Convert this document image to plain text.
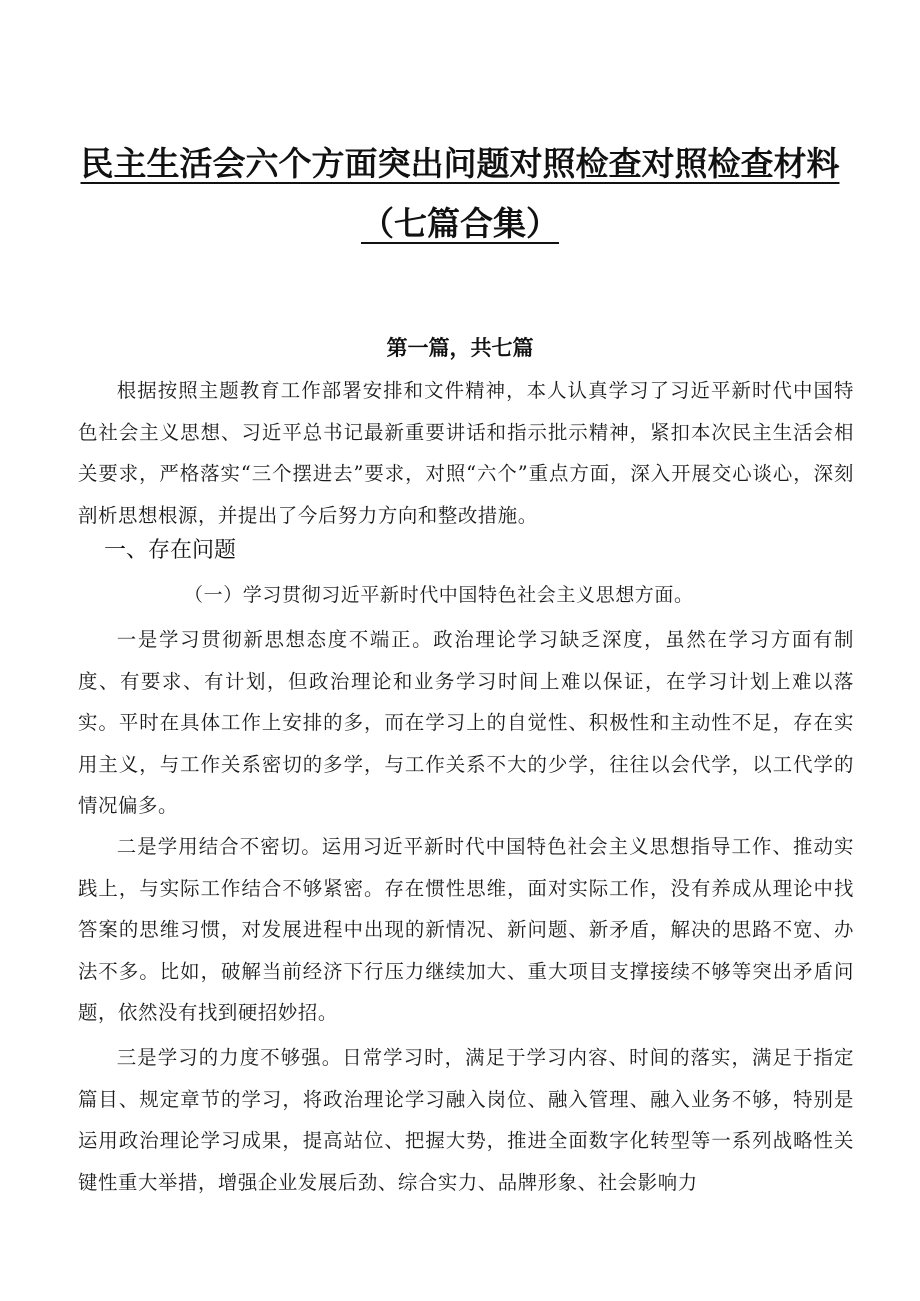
民主生活会六个方面突出问题对照检查对照检查材料
（七篇合集）
第一篇，共七篇

根据按照主题教育工作部署安排和文件精神，本人认真学习了习近平新时代中国特色社会主义思想、习近平总书记最新重要讲话和指示批示精神，紧扣本次民主生活会相关要求，严格落实“三个摆进去”要求，对照“六个”重点方面，深入开展交心谈心，深刻剖析思想根源，并提出了今后努力方向和整改措施。

一、存在问题
（一）学习贯彻习近平新时代中国特色社会主义思想方面。

一是学习贯彻新思想态度不端正。政治理论学习缺乏深度，虽然在学习方面有制度、有要求、有计划，但政治理论和业务学习时间上难以保证，在学习计划上难以落实。平时在具体工作上安排的多，而在学习上的自觉性、积极性和主动性不足，存在实用主义，与工作关系密切的多学，与工作关系不大的少学，往往以会代学，以工代学的情况偏多。

二是学用结合不密切。运用习近平新时代中国特色社会主义思想指导工作、推动实践上，与实际工作结合不够紧密。存在惯性思维，面对实际工作，没有养成从理论中找答案的思维习惯，对发展进程中出现的新情况、新问题、新矛盾，解决的思路不宽、办法不多。比如，破解当前经济下行压力继续加大、重大项目支撑接续不够等突出矛盾问题，依然没有找到硬招妙招。

三是学习的力度不够强。日常学习时，满足于学习内容、时间的落实，满足于指定篇目、规定章节的学习，将政治理论学习融入岗位、融入管理、融入业务不够，特别是运用政治理论学习成果，提高站位、把握大势，推进全面数字化转型等一系列战略性关键性重大举措，增强企业发展后劲、综合实力、品牌形象、社会影响力
